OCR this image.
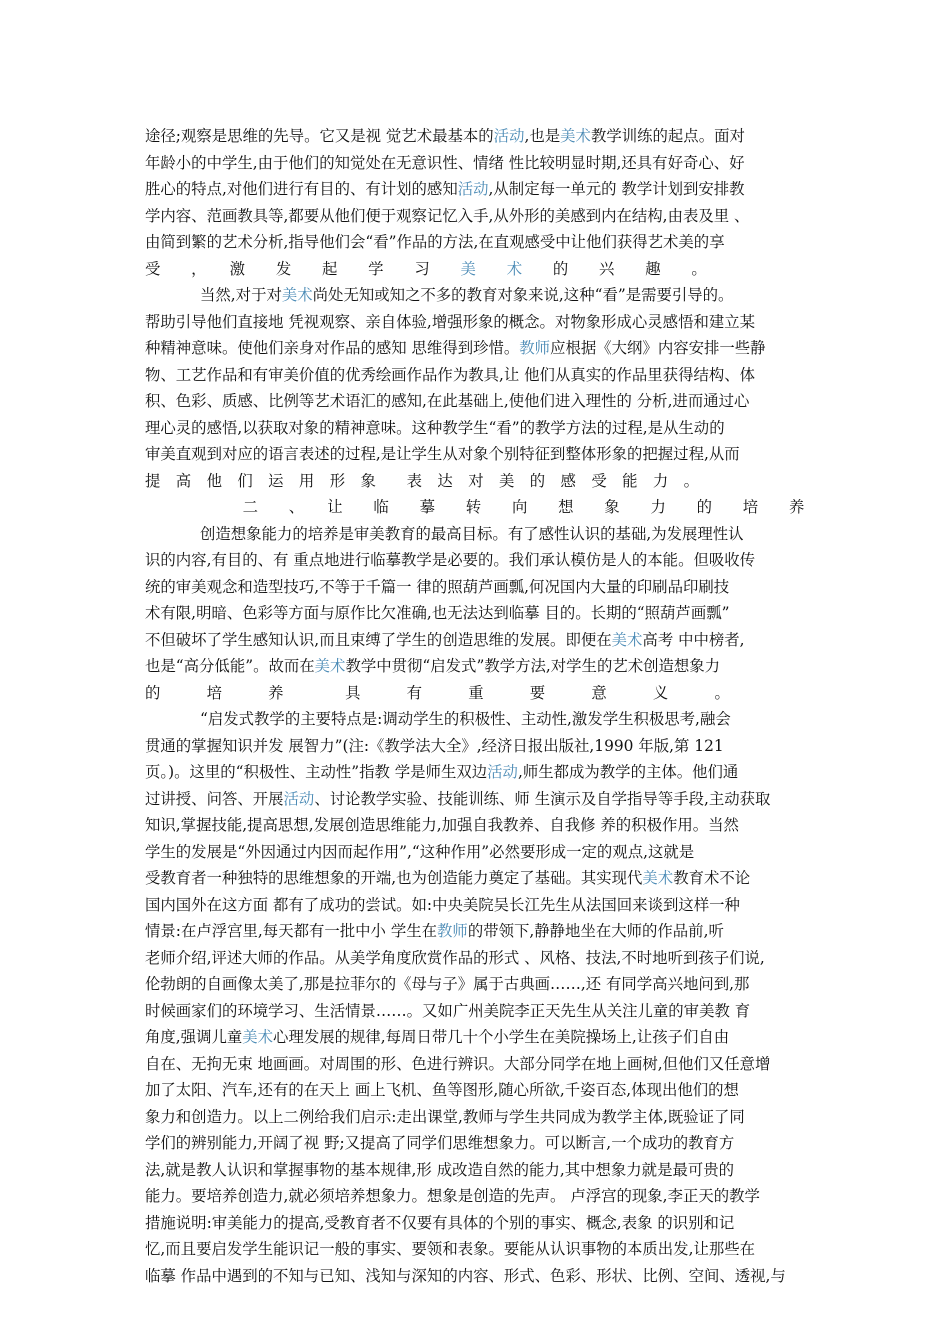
途径;观察是思维的先导。它又是视 觉艺术最基本的活动,也是美术教学训练的起点。面对
年龄小的中学生,由于他们的知觉处在无意识性、情绪 性比较明显时期,还具有好奇心、好
胜心的特点,对他们进行有目的、有计划的感知活动,从制定每一单元的 教学计划到安排教
学内容、范画教具等,都要从他们便于观察记忆入手,从外形的美感到内在结构,由表及里 、
由简到繁的艺术分析,指导他们会“看”作品的方法,在直观感受中让他们获得艺术美的享
受　　，　　激　　发　　起　　学　　习　　美　　术　　的　　兴　　趣　　。
当然,对于对美术尚处无知或知之不多的教育对象来说,这种“看”是需要引导的。
帮助引导他们直接地 凭视观察、亲自体验,增强形象的概念。对物象形成心灵感悟和建立某
种精神意味。使他们亲身对作品的感知 思维得到珍惜。教师应根据《大纲》内容安排一些静
物、工艺作品和有审美价值的优秀绘画作品作为教具,让 他们从真实的作品里获得结构、体
积、色彩、质感、比例等艺术语汇的感知,在此基础上,使他们进入理性的 分析,进而通过心
理心灵的感悟,以获取对象的精神意味。这种教学生“看”的教学方法的过程,是从生动的
审美直观到对应的语言表述的过程,是让学生从对象个别特征到整体形象的把握过程,从而
提　高　他　们　运　用　形　象　　表　达　对　美　的　感　受　能　力　。
二　　、　　让　　临　　摹　　转　　向　　想　　象　　力　　的　　培　　养
创造想象能力的培养是审美教育的最高目标。有了感性认识的基础,为发展理性认
识的内容,有目的、有 重点地进行临摹教学是必要的。我们承认模仿是人的本能。但吸收传
统的审美观念和造型技巧,不等于千篇一 律的照葫芦画瓢,何况国内大量的印刷品印刷技
术有限,明暗、色彩等方面与原作比欠准确,也无法达到临摹 目的。长期的“照葫芦画瓢”
不但破坏了学生感知认识,而且束缚了学生的创造思维的发展。即便在美术高考 中中榜者,
也是“高分低能”。故而在美术教学中贯彻“启发式”教学方法,对学生的艺术创造想象力
的　　　培　　　养　　　　具　　　有　　　重　　　要　　　意　　　义　　　。
“启发式教学的主要特点是:调动学生的积极性、主动性,激发学生积极思考,融会
贯通的掌握知识并发 展智力”(注:《教学法大全》,经济日报出版社,1990 年版,第 121
页。)。这里的“积极性、主动性”指教 学是师生双边活动,师生都成为教学的主体。他们通
过讲授、问答、开展活动、讨论教学实验、技能训练、师 生演示及自学指导等手段,主动获取
知识,掌握技能,提高思想,发展创造思维能力,加强自我教养、自我修 养的积极作用。当然
学生的发展是“外因通过内因而起作用”,“这种作用”必然要形成一定的观点,这就是
受教育者一种独特的思维想象的开端,也为创造能力奠定了基础。其实现代美术教育术不论
国内国外在这方面 都有了成功的尝试。如:中央美院吴长江先生从法国回来谈到这样一种
情景:在卢浮宫里,每天都有一批中小 学生在教师的带领下,静静地坐在大师的作品前,听
老师介绍,评述大师的作品。从美学角度欣赏作品的形式 、风格、技法,不时地听到孩子们说,
伦勃朗的自画像太美了,那是拉菲尔的《母与子》属于古典画……,还 有同学高兴地问到,那
时候画家们的环境学习、生活情景……。又如广州美院李正天先生从关注儿童的审美教 育
角度,强调儿童美术心理发展的规律,每周日带几十个小学生在美院操场上,让孩子们自由
自在、无拘无束 地画画。对周围的形、色进行辨识。大部分同学在地上画树,但他们又任意增
加了太阳、汽车,还有的在天上 画上飞机、鱼等图形,随心所欲,千姿百态,体现出他们的想
象力和创造力。以上二例给我们启示:走出课堂,教师与学生共同成为教学主体,既验证了同
学们的辨别能力,开阔了视 野;又提高了同学们思维想象力。可以断言,一个成功的教育方
法,就是教人认识和掌握事物的基本规律,形 成改造自然的能力,其中想象力就是最可贵的
能力。要培养创造力,就必须培养想象力。想象是创造的先声。 卢浮宫的现象,李正天的教学
措施说明:审美能力的提高,受教育者不仅要有具体的个别的事实、概念,表象 的识别和记
忆,而且要启发学生能识记一般的事实、要领和表象。要能从认识事物的本质出发,让那些在
临摹 作品中遇到的不知与已知、浅知与深知的内容、形式、色彩、形状、比例、空间、透视,与
